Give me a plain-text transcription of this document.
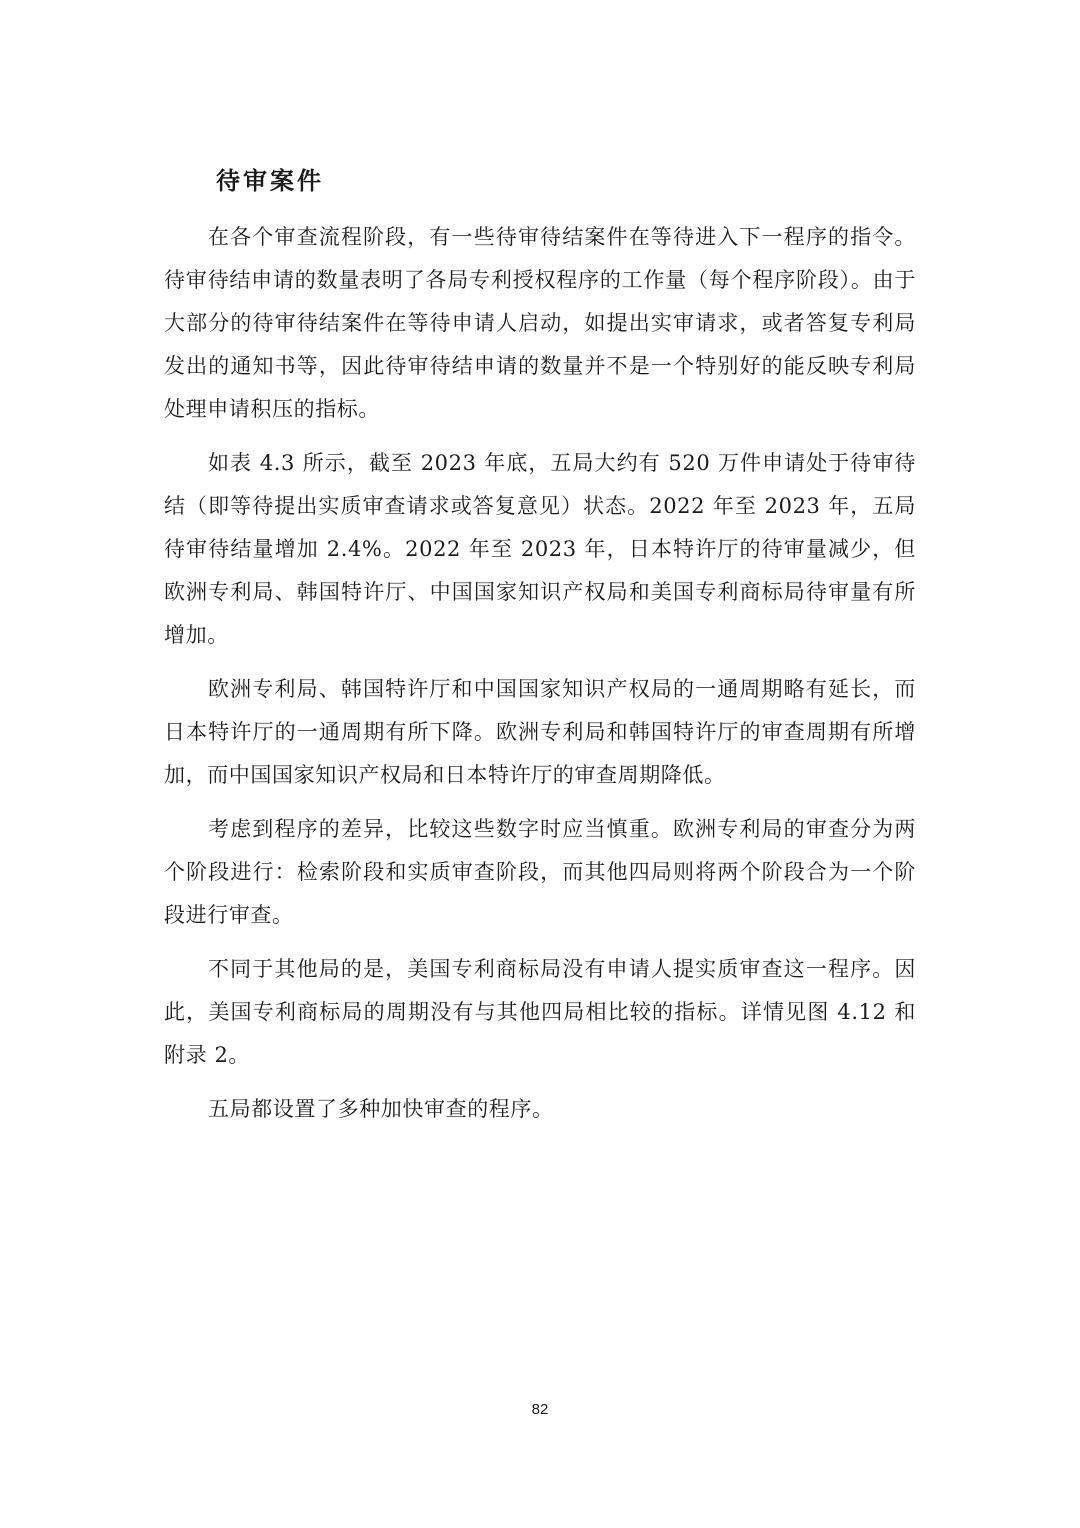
待审案件

在各个审查流程阶段，有一些待审待结案件在等待进入下一程序的指令。待审待结申请的数量表明了各局专利授权程序的工作量（每个程序阶段）。由于大部分的待审待结案件在等待申请人启动，如提出实审请求，或者答复专利局发出的通知书等，因此待审待结申请的数量并不是一个特别好的能反映专利局处理申请积压的指标。

如表 4.3 所示，截至 2023 年底，五局大约有 520 万件申请处于待审待结（即等待提出实质审查请求或答复意见）状态。2022 年至 2023 年，五局待审待结量增加 2.4%。2022 年至 2023 年，日本特许厅的待审量减少，但欧洲专利局、韩国特许厅、中国国家知识产权局和美国专利商标局待审量有所增加。

欧洲专利局、韩国特许厅和中国国家知识产权局的一通周期略有延长，而日本特许厅的一通周期有所下降。欧洲专利局和韩国特许厅的审查周期有所增加，而中国国家知识产权局和日本特许厅的审查周期降低。

考虑到程序的差异，比较这些数字时应当慎重。欧洲专利局的审查分为两个阶段进行：检索阶段和实质审查阶段，而其他四局则将两个阶段合为一个阶段进行审查。

不同于其他局的是，美国专利商标局没有申请人提实质审查这一程序。因此，美国专利商标局的周期没有与其他四局相比较的指标。详情见图 4.12 和附录 2。

五局都设置了多种加快审查的程序。

82
